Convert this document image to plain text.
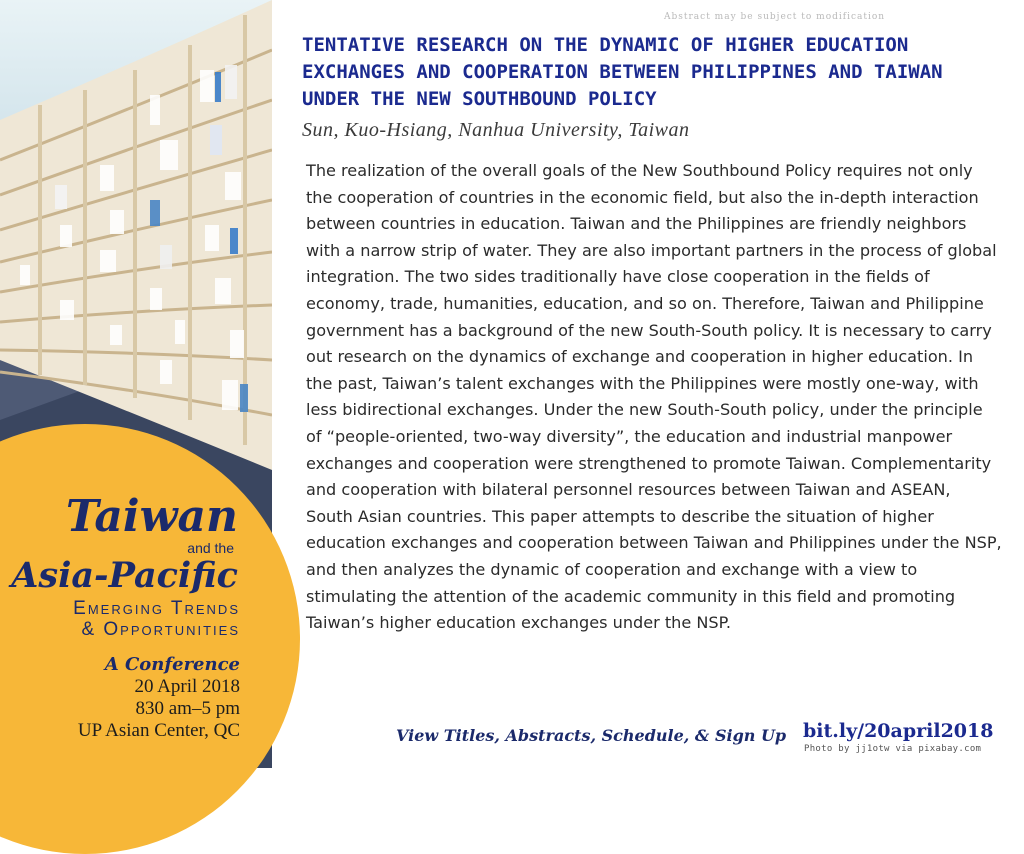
Taiwan
and the
Asia-Pacific
Emerging Trends
& Opportunities
A Conference
20 April 2018
830 am–5 pm
UP Asian Center, QC
Abstract may be subject to modification
TENTATIVE RESEARCH ON THE DYNAMIC OF HIGHER EDUCATION EXCHANGES AND COOPERATION BETWEEN PHILIPPINES AND TAIWAN UNDER THE NEW SOUTHBOUND POLICY
Sun, Kuo-Hsiang, Nanhua University, Taiwan
The realization of the overall goals of the New Southbound Policy requires not only the cooperation of countries in the economic field, but also the in-depth interaction between countries in education. Taiwan and the Philippines are friendly neighbors with a narrow strip of water. They are also important partners in the process of global integration. The two sides traditionally have close cooperation in the fields of economy, trade, humanities, education, and so on. Therefore, Taiwan and Philippine government has a background of the new South-South policy. It is necessary to carry out research on the dynamics of exchange and cooperation in higher education. In the past, Taiwan’s talent exchanges with the Philippines were mostly one-way, with less bidirectional exchanges. Under the new South-South policy, under the principle of “people-oriented, two-way diversity”, the education and industrial manpower exchanges and cooperation were strengthened to promote Taiwan. Complementarity and cooperation with bilateral personnel resources between Taiwan and ASEAN, South Asian countries. This paper attempts to describe the situation of higher education exchanges and cooperation between Taiwan and Philippines under the NSP, and then analyzes the dynamic of cooperation and exchange with a view to stimulating the attention of the academic community in this field and promoting Taiwan’s higher education exchanges under the NSP.
View Titles, Abstracts, Schedule, & Sign Up bit.ly/20april2018
Photo by jj1otw via pixabay.com
